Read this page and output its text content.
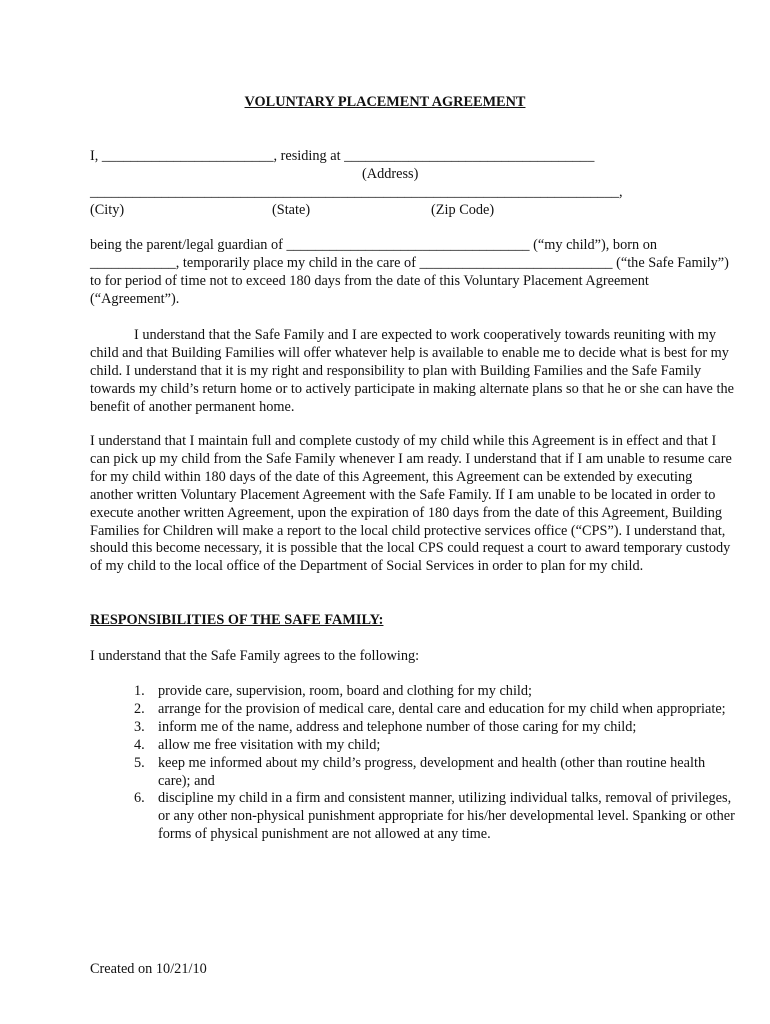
VOLUNTARY PLACEMENT AGREEMENT
I, ________________________, residing at ___________________________________
(Address)
__________________________________________________________________________,
(City)	(State)	(Zip Code)
being the parent/legal guardian of __________________________________ (“my child”), born on ____________, temporarily place my child in the care of ___________________________ (“the Safe Family”) to for period of time not to exceed 180 days from the date of this Voluntary Placement Agreement (“Agreement”).
I understand that the Safe Family and I are expected to work cooperatively towards reuniting with my child and that Building Families will offer whatever help is available to enable me to decide what is best for my child. I understand that it is my right and responsibility to plan with Building Families and the Safe Family towards my child’s return home or to actively participate in making alternate plans so that he or she can have the benefit of another permanent home.
I understand that I maintain full and complete custody of my child while this Agreement is in effect and that I can pick up my child from the Safe Family whenever I am ready. I understand that if I am unable to resume care for my child within 180 days of the date of this Agreement, this Agreement can be extended by executing another written Voluntary Placement Agreement with the Safe Family. If I am unable to be located in order to execute another written Agreement, upon the expiration of 180 days from the date of this Agreement, Building Families for Children will make a report to the local child protective services office (“CPS”). I understand that, should this become necessary, it is possible that the local CPS could request a court to award temporary custody of my child to the local office of the Department of Social Services in order to plan for my child.
RESPONSIBILITIES OF THE SAFE FAMILY:
I understand that the Safe Family agrees to the following:
1. provide care, supervision, room, board and clothing for my child;
2. arrange for the provision of medical care, dental care and education for my child when appropriate;
3. inform me of the name, address and telephone number of those caring for my child;
4. allow me free visitation with my child;
5. keep me informed about my child’s progress, development and health (other than routine health care); and
6. discipline my child in a firm and consistent manner, utilizing individual talks, removal of privileges, or any other non-physical punishment appropriate for his/her developmental level. Spanking or other forms of physical punishment are not allowed at any time.
Created on 10/21/10
